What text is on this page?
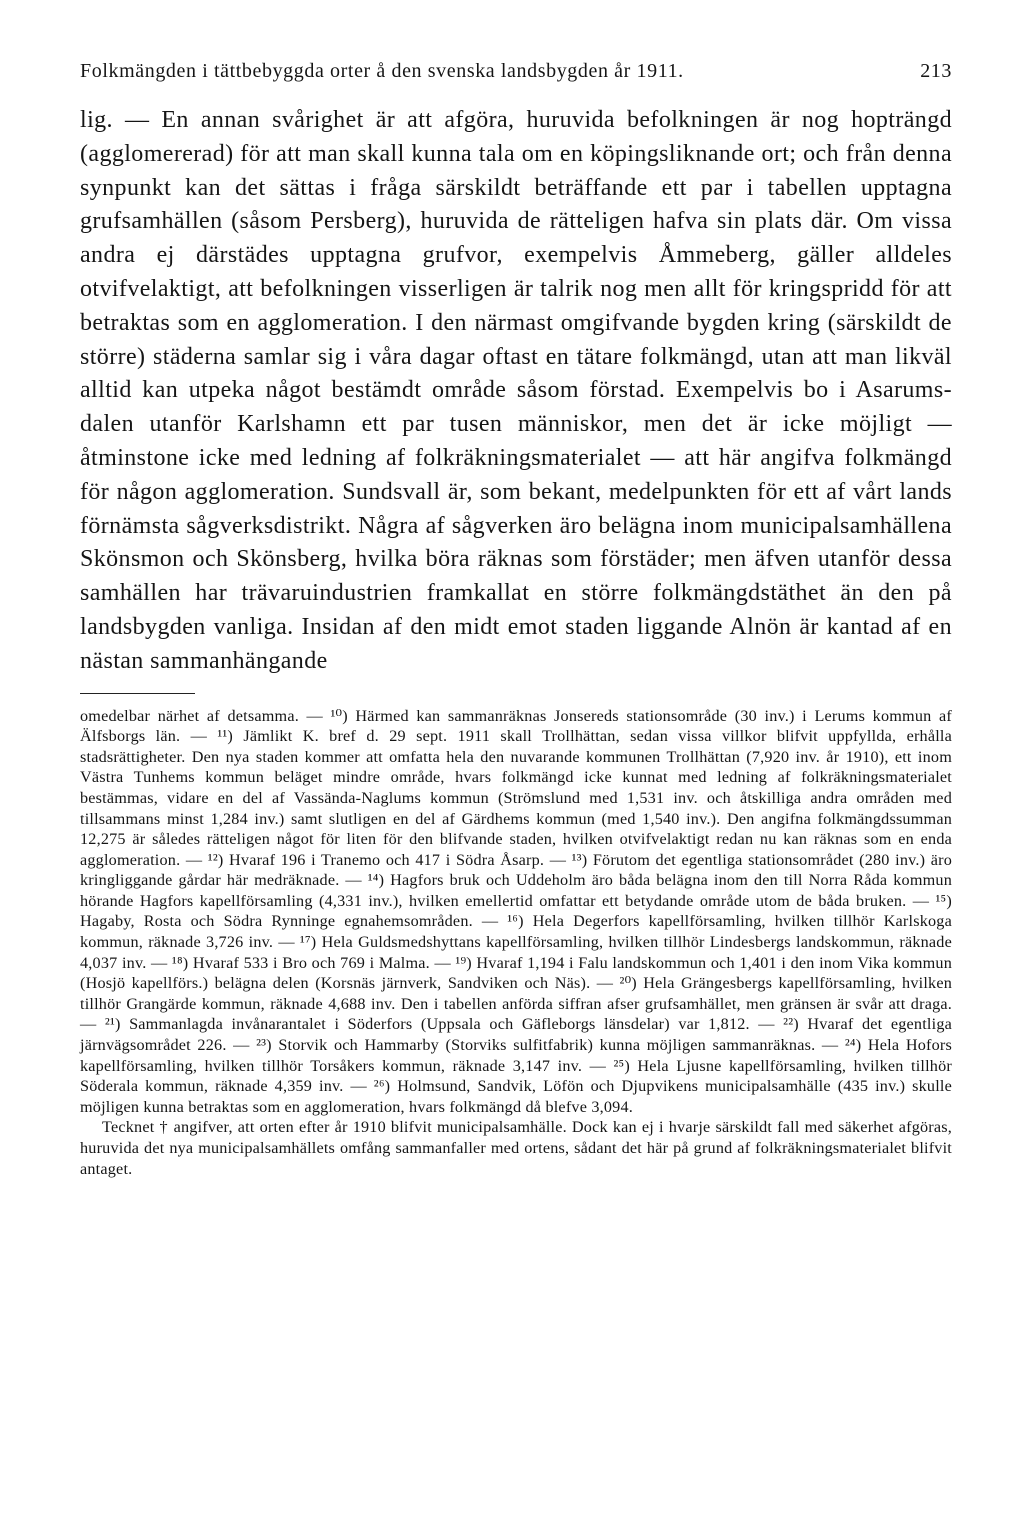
Folkmängden i tättbebyggda orter å den svenska landsbygden år 1911.	213

lig. — En annan svårighet är att afgöra, huruvida befolkningen är nog hopträngd (agglomererad) för att man skall kunna tala om en köpingsliknande ort; och från denna synpunkt kan det sättas i fråga särskildt beträffande ett par i tabellen upptagna grufsamhällen (såsom Persberg), huruvida de rätteligen hafva sin plats där. Om vissa andra ej därstädes upptagna grufvor, exempelvis Åmmeberg, gäller alldeles otvifvelaktigt, att befolkningen visserligen är talrik nog men allt för kringspridd för att betraktas som en agglomeration. I den närmast omgifvande bygden kring (särskildt de större) städerna samlar sig i våra dagar oftast en tätare folkmängd, utan att man likväl alltid kan utpeka något bestämdt område såsom förstad. Exempelvis bo i Asarums-dalen utanför Karlshamn ett par tusen människor, men det är icke möjligt — åtminstone icke med ledning af folkräkningsmaterialet — att här angifva folkmängd för någon agglomeration. Sundsvall är, som bekant, medelpunkten för ett af vårt lands förnämsta sågverksdistrikt. Några af sågverken äro belägna inom municipalsamhällena Skönsmon och Skönsberg, hvilka böra räknas som förstäder; men äfven utanför dessa samhällen har trävaruindustrien framkallat en större folkmängdstäthet än den på landsbygden vanliga. Insidan af den midt emot staden liggande Alnön är kantad af en nästan sammanhängande

omedelbar närhet af detsamma. — ¹⁰) Härmed kan sammanräknas Jonsereds stationsområde (30 inv.) i Lerums kommun af Älfsborgs län. — ¹¹) Jämlikt K. bref d. 29 sept. 1911 skall Trollhättan, sedan vissa villkor blifvit uppfyllda, erhålla stadsrättigheter. Den nya staden kommer att omfatta hela den nuvarande kommunen Trollhättan (7,920 inv. år 1910), ett inom Västra Tunhems kommun beläget mindre område, hvars folkmängd icke kunnat med ledning af folkräkningsmaterialet bestämmas, vidare en del af Vassända-Naglums kommun (Strömslund med 1,531 inv. och åtskilliga andra områden med tillsammans minst 1,284 inv.) samt slutligen en del af Gärdhems kommun (med 1,540 inv.). Den angifna folkmängdssumman 12,275 är således rätteligen något för liten för den blifvande staden, hvilken otvifvelaktigt redan nu kan räknas som en enda agglomeration. — ¹²) Hvaraf 196 i Tranemo och 417 i Södra Åsarp. — ¹³) Förutom det egentliga stationsområdet (280 inv.) äro kringliggande gårdar här medräknade. — ¹⁴) Hagfors bruk och Uddeholm äro båda belägna inom den till Norra Råda kommun hörande Hagfors kapellförsamling (4,331 inv.), hvilken emellertid omfattar ett betydande område utom de båda bruken. — ¹⁵) Hagaby, Rosta och Södra Rynninge egnahemsområden. — ¹⁶) Hela Degerfors kapellförsamling, hvilken tillhör Karlskoga kommun, räknade 3,726 inv. — ¹⁷) Hela Guldsmedshyttans kapellförsamling, hvilken tillhör Lindesbergs landskommun, räknade 4,037 inv. — ¹⁸) Hvaraf 533 i Bro och 769 i Malma. — ¹⁹) Hvaraf 1,194 i Falu landskommun och 1,401 i den inom Vika kommun (Hosjö kapellförs.) belägna delen (Korsnäs järnverk, Sandviken och Näs). — ²⁰) Hela Grängesbergs kapellförsamling, hvilken tillhör Grangärde kommun, räknade 4,688 inv. Den i tabellen anförda siffran afser grufsamhället, men gränsen är svår att draga. — ²¹) Sammanlagda invånarantalet i Söderfors (Uppsala och Gäfleborgs länsdelar) var 1,812. — ²²) Hvaraf det egentliga järnvägsområdet 226. — ²³) Storvik och Hammarby (Storviks sulfitfabrik) kunna möjligen sammanräknas. — ²⁴) Hela Hofors kapellförsamling, hvilken tillhör Torsåkers kommun, räknade 3,147 inv. — ²⁵) Hela Ljusne kapellförsamling, hvilken tillhör Söderala kommun, räknade 4,359 inv. — ²⁶) Holmsund, Sandvik, Löfön och Djupvikens municipalsamhälle (435 inv.) skulle möjligen kunna betraktas som en agglomeration, hvars folkmängd då blefve 3,094.

Tecknet † angifver, att orten efter år 1910 blifvit municipalsamhälle. Dock kan ej i hvarje särskildt fall med säkerhet afgöras, huruvida det nya municipalsamhällets omfång sammanfaller med ortens, sådant det här på grund af folkräkningsmaterialet blifvit antaget.
